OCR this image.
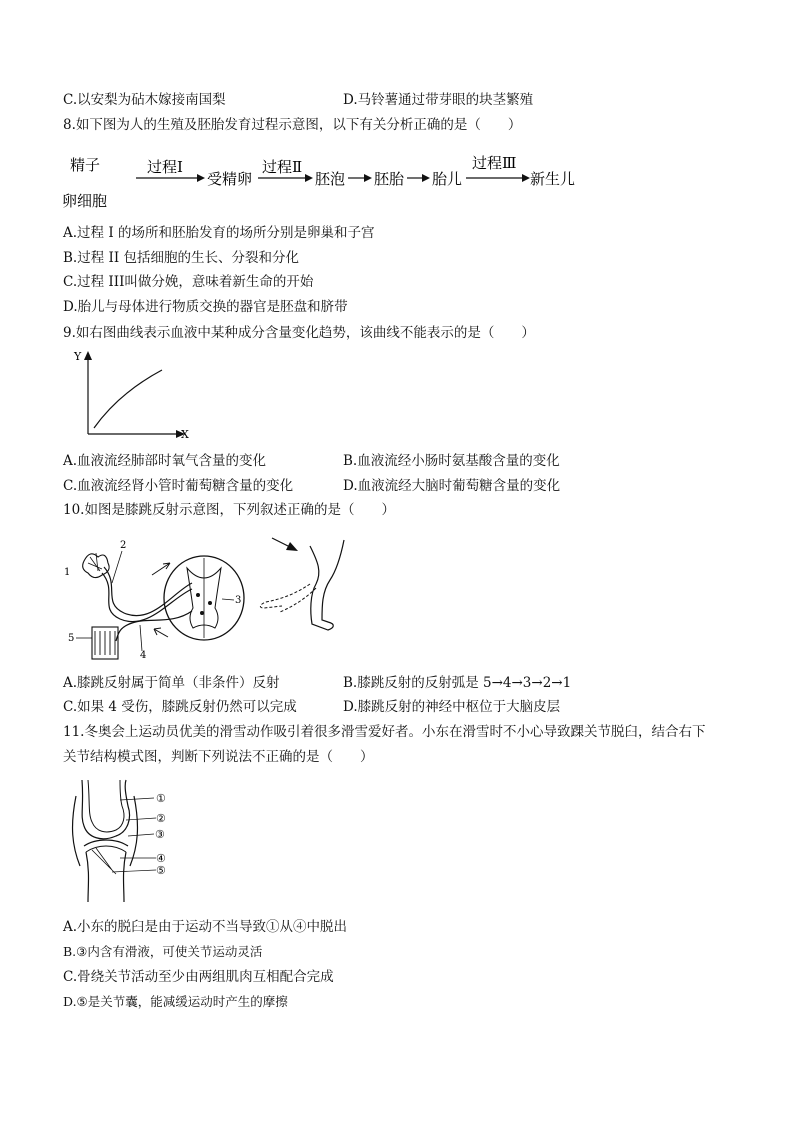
C.以安梨为砧木嫁接南国梨	D.马铃薯通过带芽眼的块茎繁殖
8.如下图为人的生殖及胚胎发育过程示意图，以下有关分析正确的是（　　）
精子
卵细胞
过程Ⅰ
受精卵
过程Ⅱ
胚泡 胚胎 胎儿
过程Ⅲ
新生儿
A.过程 I 的场所和胚胎发育的场所分别是卵巢和子宫
B.过程 II 包括细胞的生长、分裂和分化
C.过程 III叫做分娩，意味着新生命的开始
D.胎儿与母体进行物质交换的器官是胚盘和脐带
9.如右图曲线表示血液中某种成分含量变化趋势，该曲线不能表示的是（　　）
Y
X
A.血液流经肺部时氧气含量的变化	B.血液流经小肠时氨基酸含量的变化
C.血液流经肾小管时葡萄糖含量的变化	D.血液流经大脑时葡萄糖含量的变化
10.如图是膝跳反射示意图，下列叙述正确的是（　　）
1
2
3
4
5
A.膝跳反射属于简单（非条件）反射	B.膝跳反射的反射弧是 5→4→3→2→1
C.如果 4 受伤，膝跳反射仍然可以完成	D.膝跳反射的神经中枢位于大脑皮层
11.冬奥会上运动员优美的滑雪动作吸引着很多滑雪爱好者。小东在滑雪时不小心导致踝关节脱臼，结合右下
关节结构模式图，判断下列说法不正确的是（　　）
①
②
③
④
⑤
A.小东的脱臼是由于运动不当导致①从④中脱出
B.③内含有滑液，可使关节运动灵活
C.骨绕关节活动至少由两组肌肉互相配合完成
D.⑤是关节囊，能减缓运动时产生的摩擦
